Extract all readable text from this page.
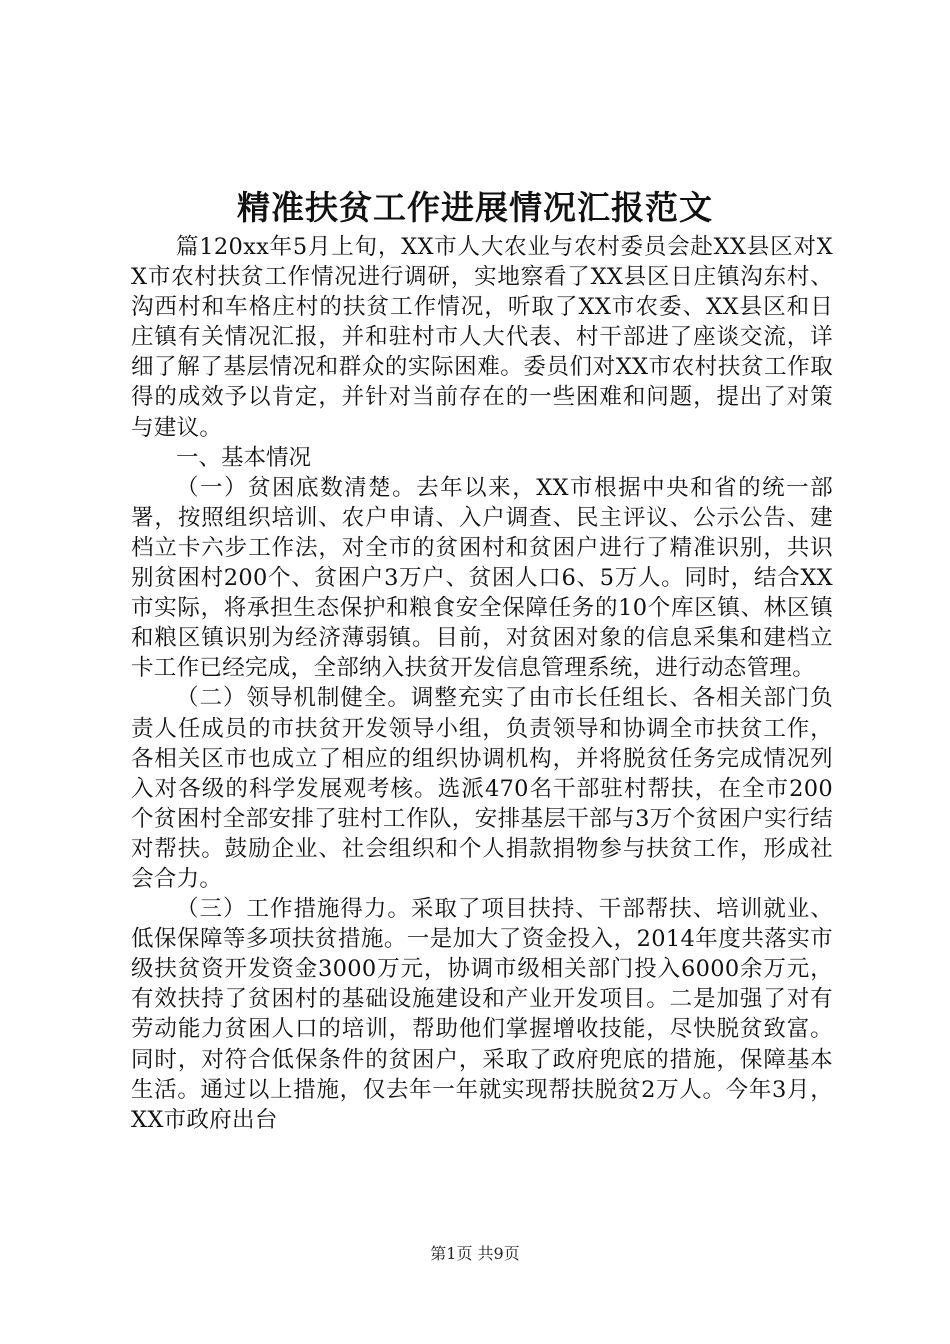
精准扶贫工作进展情况汇报范文

篇120xx年5月上旬，XX市人大农业与农村委员会赴XX县区对XX市农村扶贫工作情况进行调研，实地察看了XX县区日庄镇沟东村、沟西村和车格庄村的扶贫工作情况，听取了XX市农委、XX县区和日庄镇有关情况汇报，并和驻村市人大代表、村干部进了座谈交流，详细了解了基层情况和群众的实际困难。委员们对XX市农村扶贫工作取得的成效予以肯定，并针对当前存在的一些困难和问题，提出了对策与建议。

一、基本情况

（一）贫困底数清楚。去年以来，XX市根据中央和省的统一部署，按照组织培训、农户申请、入户调查、民主评议、公示公告、建档立卡六步工作法，对全市的贫困村和贫困户进行了精准识别，共识别贫困村200个、贫困户3万户、贫困人口6、5万人。同时，结合XX市实际，将承担生态保护和粮食安全保障任务的10个库区镇、林区镇和粮区镇识别为经济薄弱镇。目前，对贫困对象的信息采集和建档立卡工作已经完成，全部纳入扶贫开发信息管理系统，进行动态管理。

（二）领导机制健全。调整充实了由市长任组长、各相关部门负责人任成员的市扶贫开发领导小组，负责领导和协调全市扶贫工作，各相关区市也成立了相应的组织协调机构，并将脱贫任务完成情况列入对各级的科学发展观考核。选派470名干部驻村帮扶，在全市200个贫困村全部安排了驻村工作队，安排基层干部与3万个贫困户实行结对帮扶。鼓励企业、社会组织和个人捐款捐物参与扶贫工作，形成社会合力。

（三）工作措施得力。采取了项目扶持、干部帮扶、培训就业、低保保障等多项扶贫措施。一是加大了资金投入，2014年度共落实市级扶贫资开发资金3000万元，协调市级相关部门投入6000余万元，有效扶持了贫困村的基础设施建设和产业开发项目。二是加强了对有劳动能力贫困人口的培训，帮助他们掌握增收技能，尽快脱贫致富。同时，对符合低保条件的贫困户，采取了政府兜底的措施，保障基本生活。通过以上措施，仅去年一年就实现帮扶脱贫2万人。今年3月，XX市政府出台

第1页 共9页
